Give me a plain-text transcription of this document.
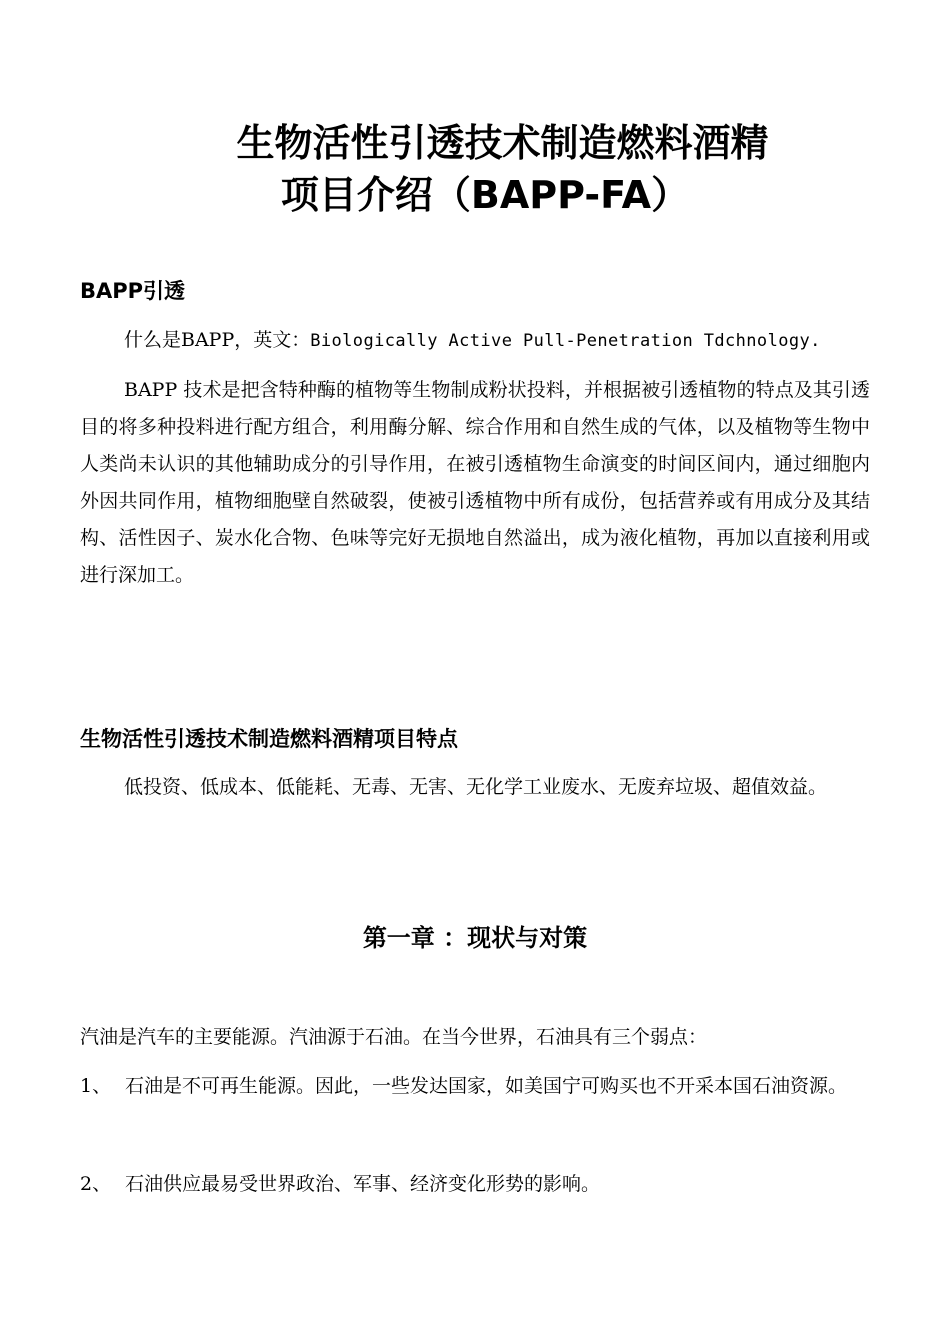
生物活性引透技术制造燃料酒精
项目介绍（BAPP-FA）
BAPP引透

什么是BAPP，英文：Biologically Active Pull-Penetration Tdchnology.

BAPP 技术是把含特种酶的植物等生物制成粉状投料，并根据被引透植物的特点及其引透目的将多种投料进行配方组合，利用酶分解、综合作用和自然生成的气体，以及植物等生物中人类尚未认识的其他辅助成分的引导作用，在被引透植物生命演变的时间区间内，通过细胞内外因共同作用，植物细胞壁自然破裂，使被引透植物中所有成份，包括营养或有用成分及其结构、活性因子、炭水化合物、色味等完好无损地自然溢出，成为液化植物，再加以直接利用或进行深加工。

生物活性引透技术制造燃料酒精项目特点

低投资、低成本、低能耗、无毒、无害、无化学工业废水、无废弃垃圾、超值效益。

第一章 ：现状与对策

汽油是汽车的主要能源。汽油源于石油。在当今世界，石油具有三个弱点：

1、 石油是不可再生能源。因此，一些发达国家，如美国宁可购买也不开采本国石油资源。

2、 石油供应最易受世界政治、军事、经济变化形势的影响。
